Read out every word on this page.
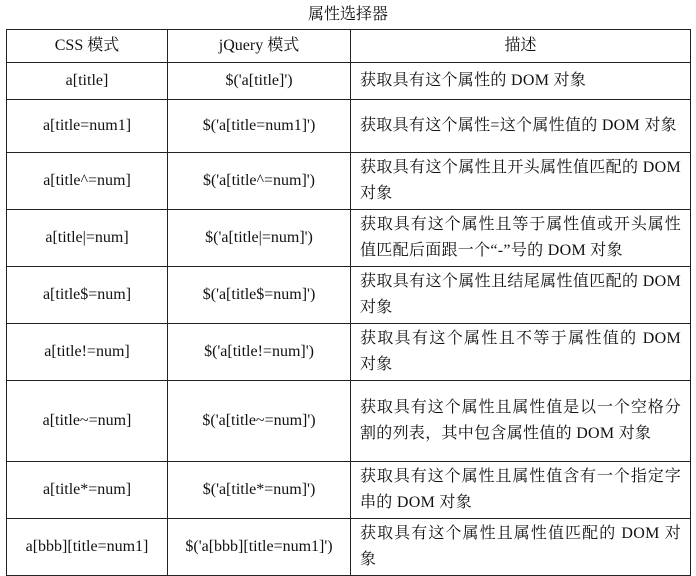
属性选择器
CSS 模式	jQuery 模式	描述
a[title]	$('a[title]')	获取具有这个属性的 DOM 对象
a[title=num1]	$('a[title=num1]')	获取具有这个属性=这个属性值的 DOM 对象
a[title^=num]	$('a[title^=num]')	获取具有这个属性且开头属性值匹配的 DOM 对象
a[title|=num]	$('a[title|=num]')	获取具有这个属性且等于属性值或开头属性值匹配后面跟一个“-”号的 DOM 对象
a[title$=num]	$('a[title$=num]')	获取具有这个属性且结尾属性值匹配的 DOM 对象
a[title!=num]	$('a[title!=num]')	获取具有这个属性且不等于属性值的 DOM 对象
a[title~=num]	$('a[title~=num]')	获取具有这个属性且属性值是以一个空格分割的列表，其中包含属性值的 DOM 对象
a[title*=num]	$('a[title*=num]')	获取具有这个属性且属性值含有一个指定字串的 DOM 对象
a[bbb][title=num1]	$('a[bbb][title=num1]')	获取具有这个属性且属性值匹配的 DOM 对象
